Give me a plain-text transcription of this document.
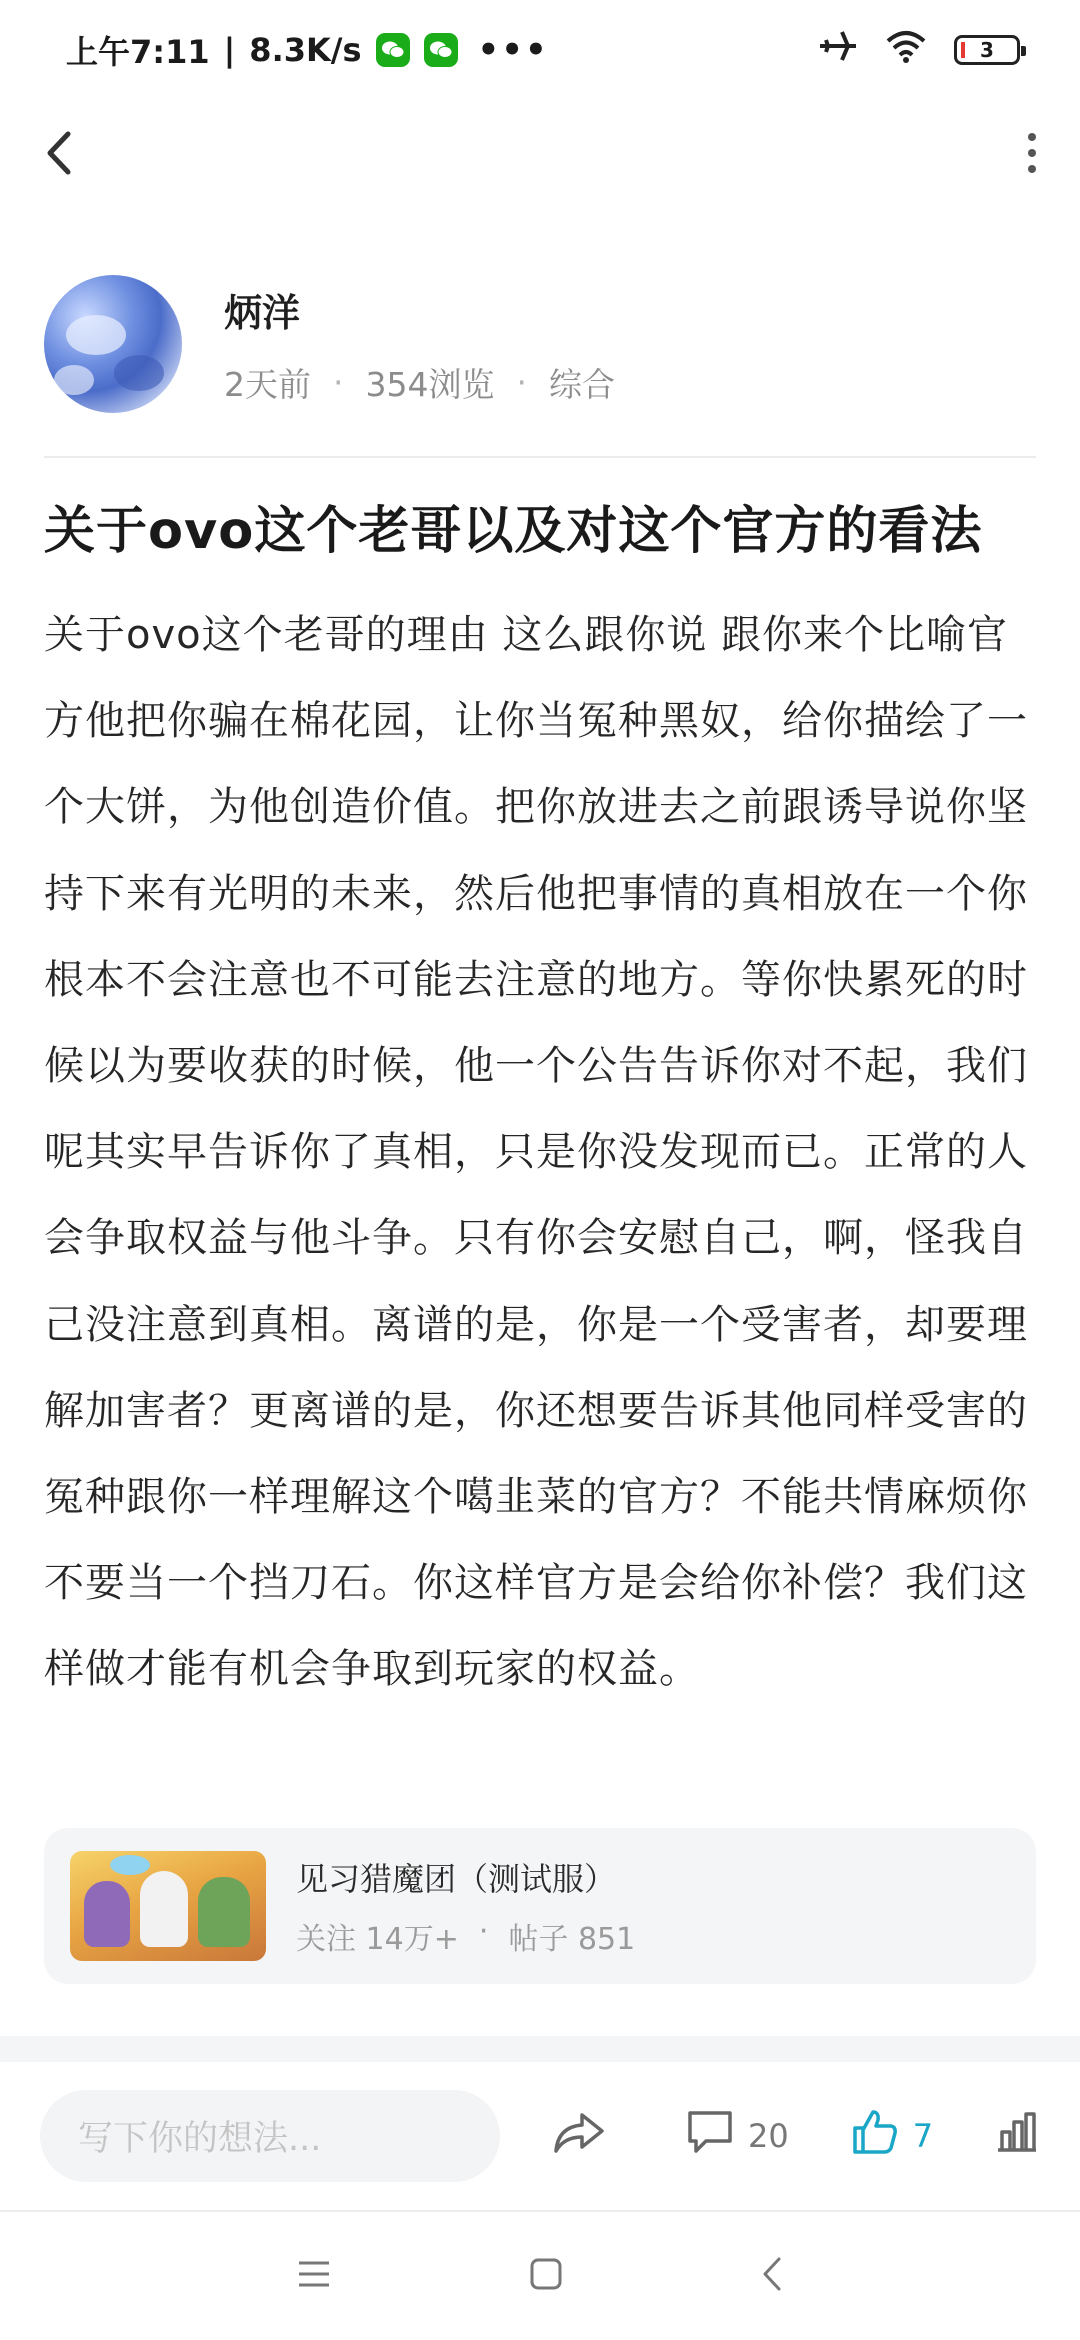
上午7:11 | 8.3K/s	•••	3
炳洋
2天前 · 354浏览 · 综合
关于ovo这个老哥以及对这个官方的看法
关于ovo这个老哥的理由 这么跟你说 跟你来个比喻官方他把你骗在棉花园，让你当冤种黑奴，给你描绘了一个大饼，为他创造价值。把你放进去之前跟诱导说你坚持下来有光明的未来，然后他把事情的真相放在一个你根本不会注意也不可能去注意的地方。等你快累死的时候以为要收获的时候，他一个公告告诉你对不起，我们呢其实早告诉你了真相，只是你没发现而已。正常的人会争取权益与他斗争。只有你会安慰自己，啊，怪我自己没注意到真相。离谱的是，你是一个受害者，却要理解加害者？更离谱的是，你还想要告诉其他同样受害的冤种跟你一样理解这个噶韭菜的官方？不能共情麻烦你不要当一个挡刀石。你这样官方是会给你补偿？我们这样做才能有机会争取到玩家的权益。
见习猎魔团（测试服）
关注 14万+ · 帖子 851
写下你的想法...	20	7
